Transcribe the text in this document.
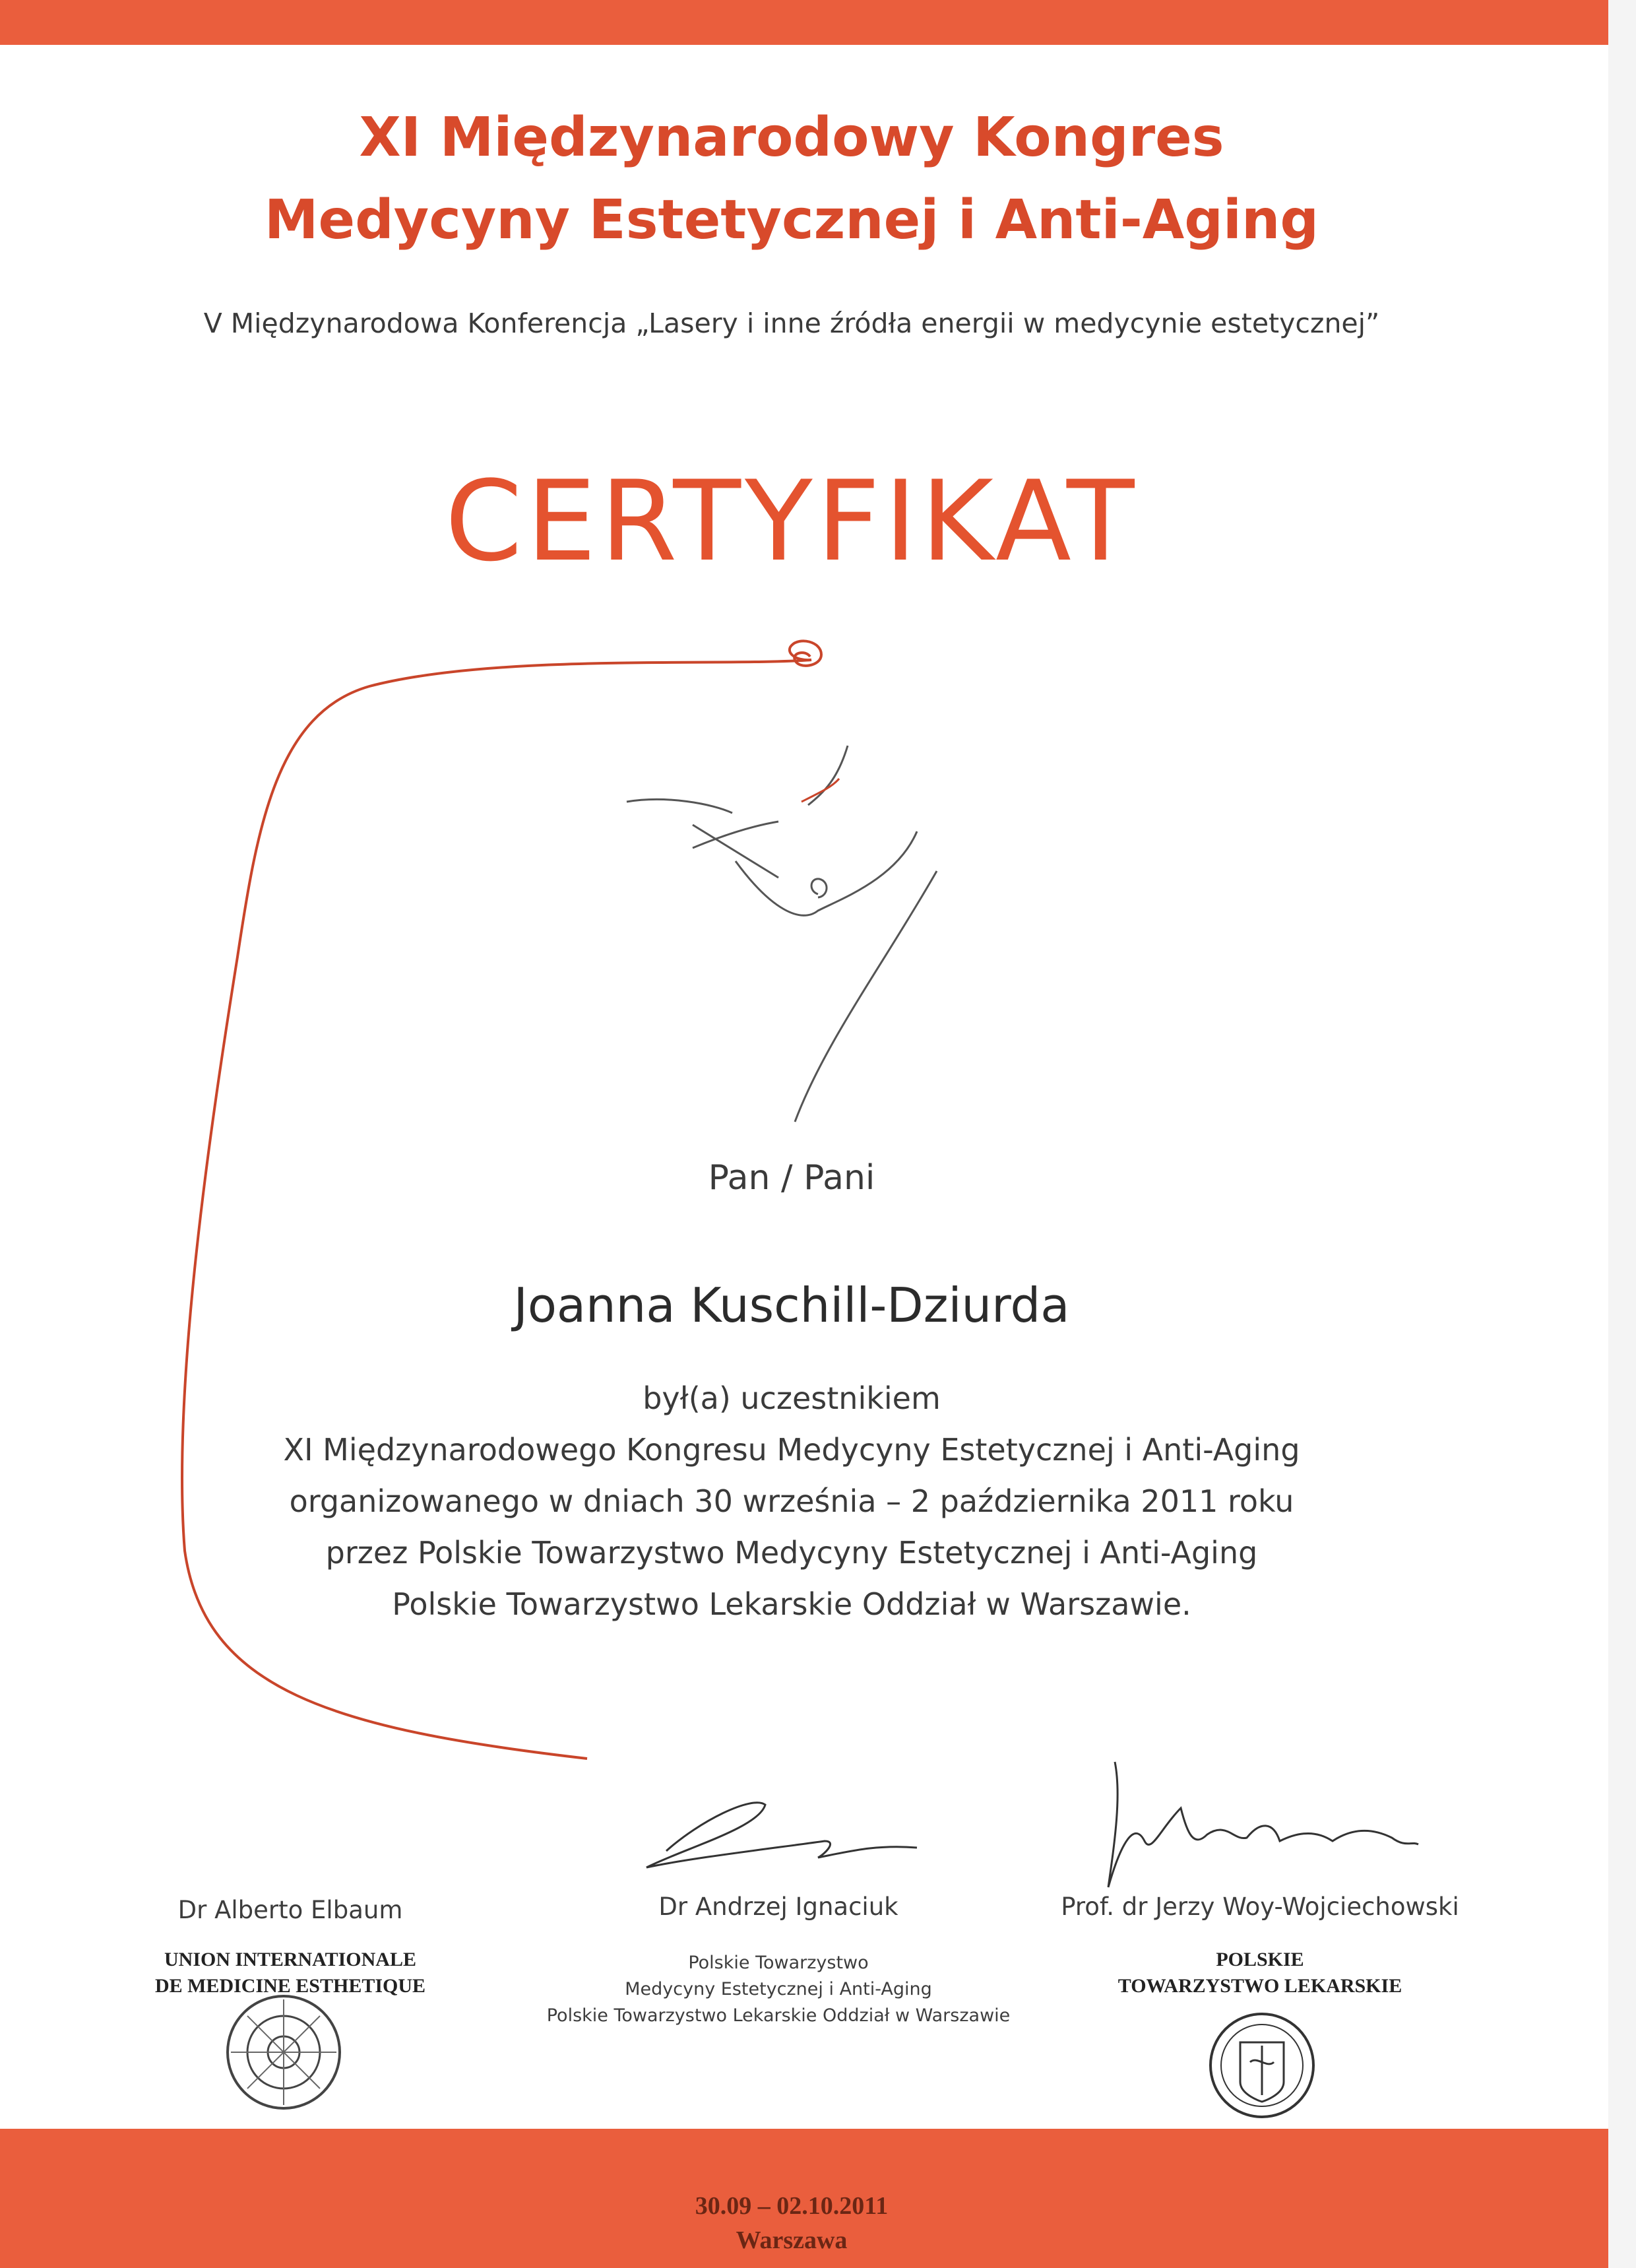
XI Międzynarodowy Kongres
Medycyny Estetycznej i Anti-Aging
V Międzynarodowa Konferencja „Lasery i inne źródła energii w medycynie estetycznej”
CERTYFIKAT
Pan / Pani
Joanna Kuschill-Dziurda
był(a) uczestnikiem
XI Międzynarodowego Kongresu Medycyny Estetycznej i Anti-Aging
organizowanego w dniach 30 września – 2 października 2011 roku
przez Polskie Towarzystwo Medycyny Estetycznej i Anti-Aging
Polskie Towarzystwo Lekarskie Oddział w Warszawie.
Dr Alberto Elbaum
UNION INTERNATIONALE
DE MEDICINE ESTHETIQUE
Dr Andrzej Ignaciuk
Polskie Towarzystwo
Medycyny Estetycznej i Anti-Aging
Polskie Towarzystwo Lekarskie Oddział w Warszawie
Prof. dr Jerzy Woy-Wojciechowski
POLSKIE
TOWARZYSTWO LEKARSKIE
30.09 – 02.10.2011
Warszawa
